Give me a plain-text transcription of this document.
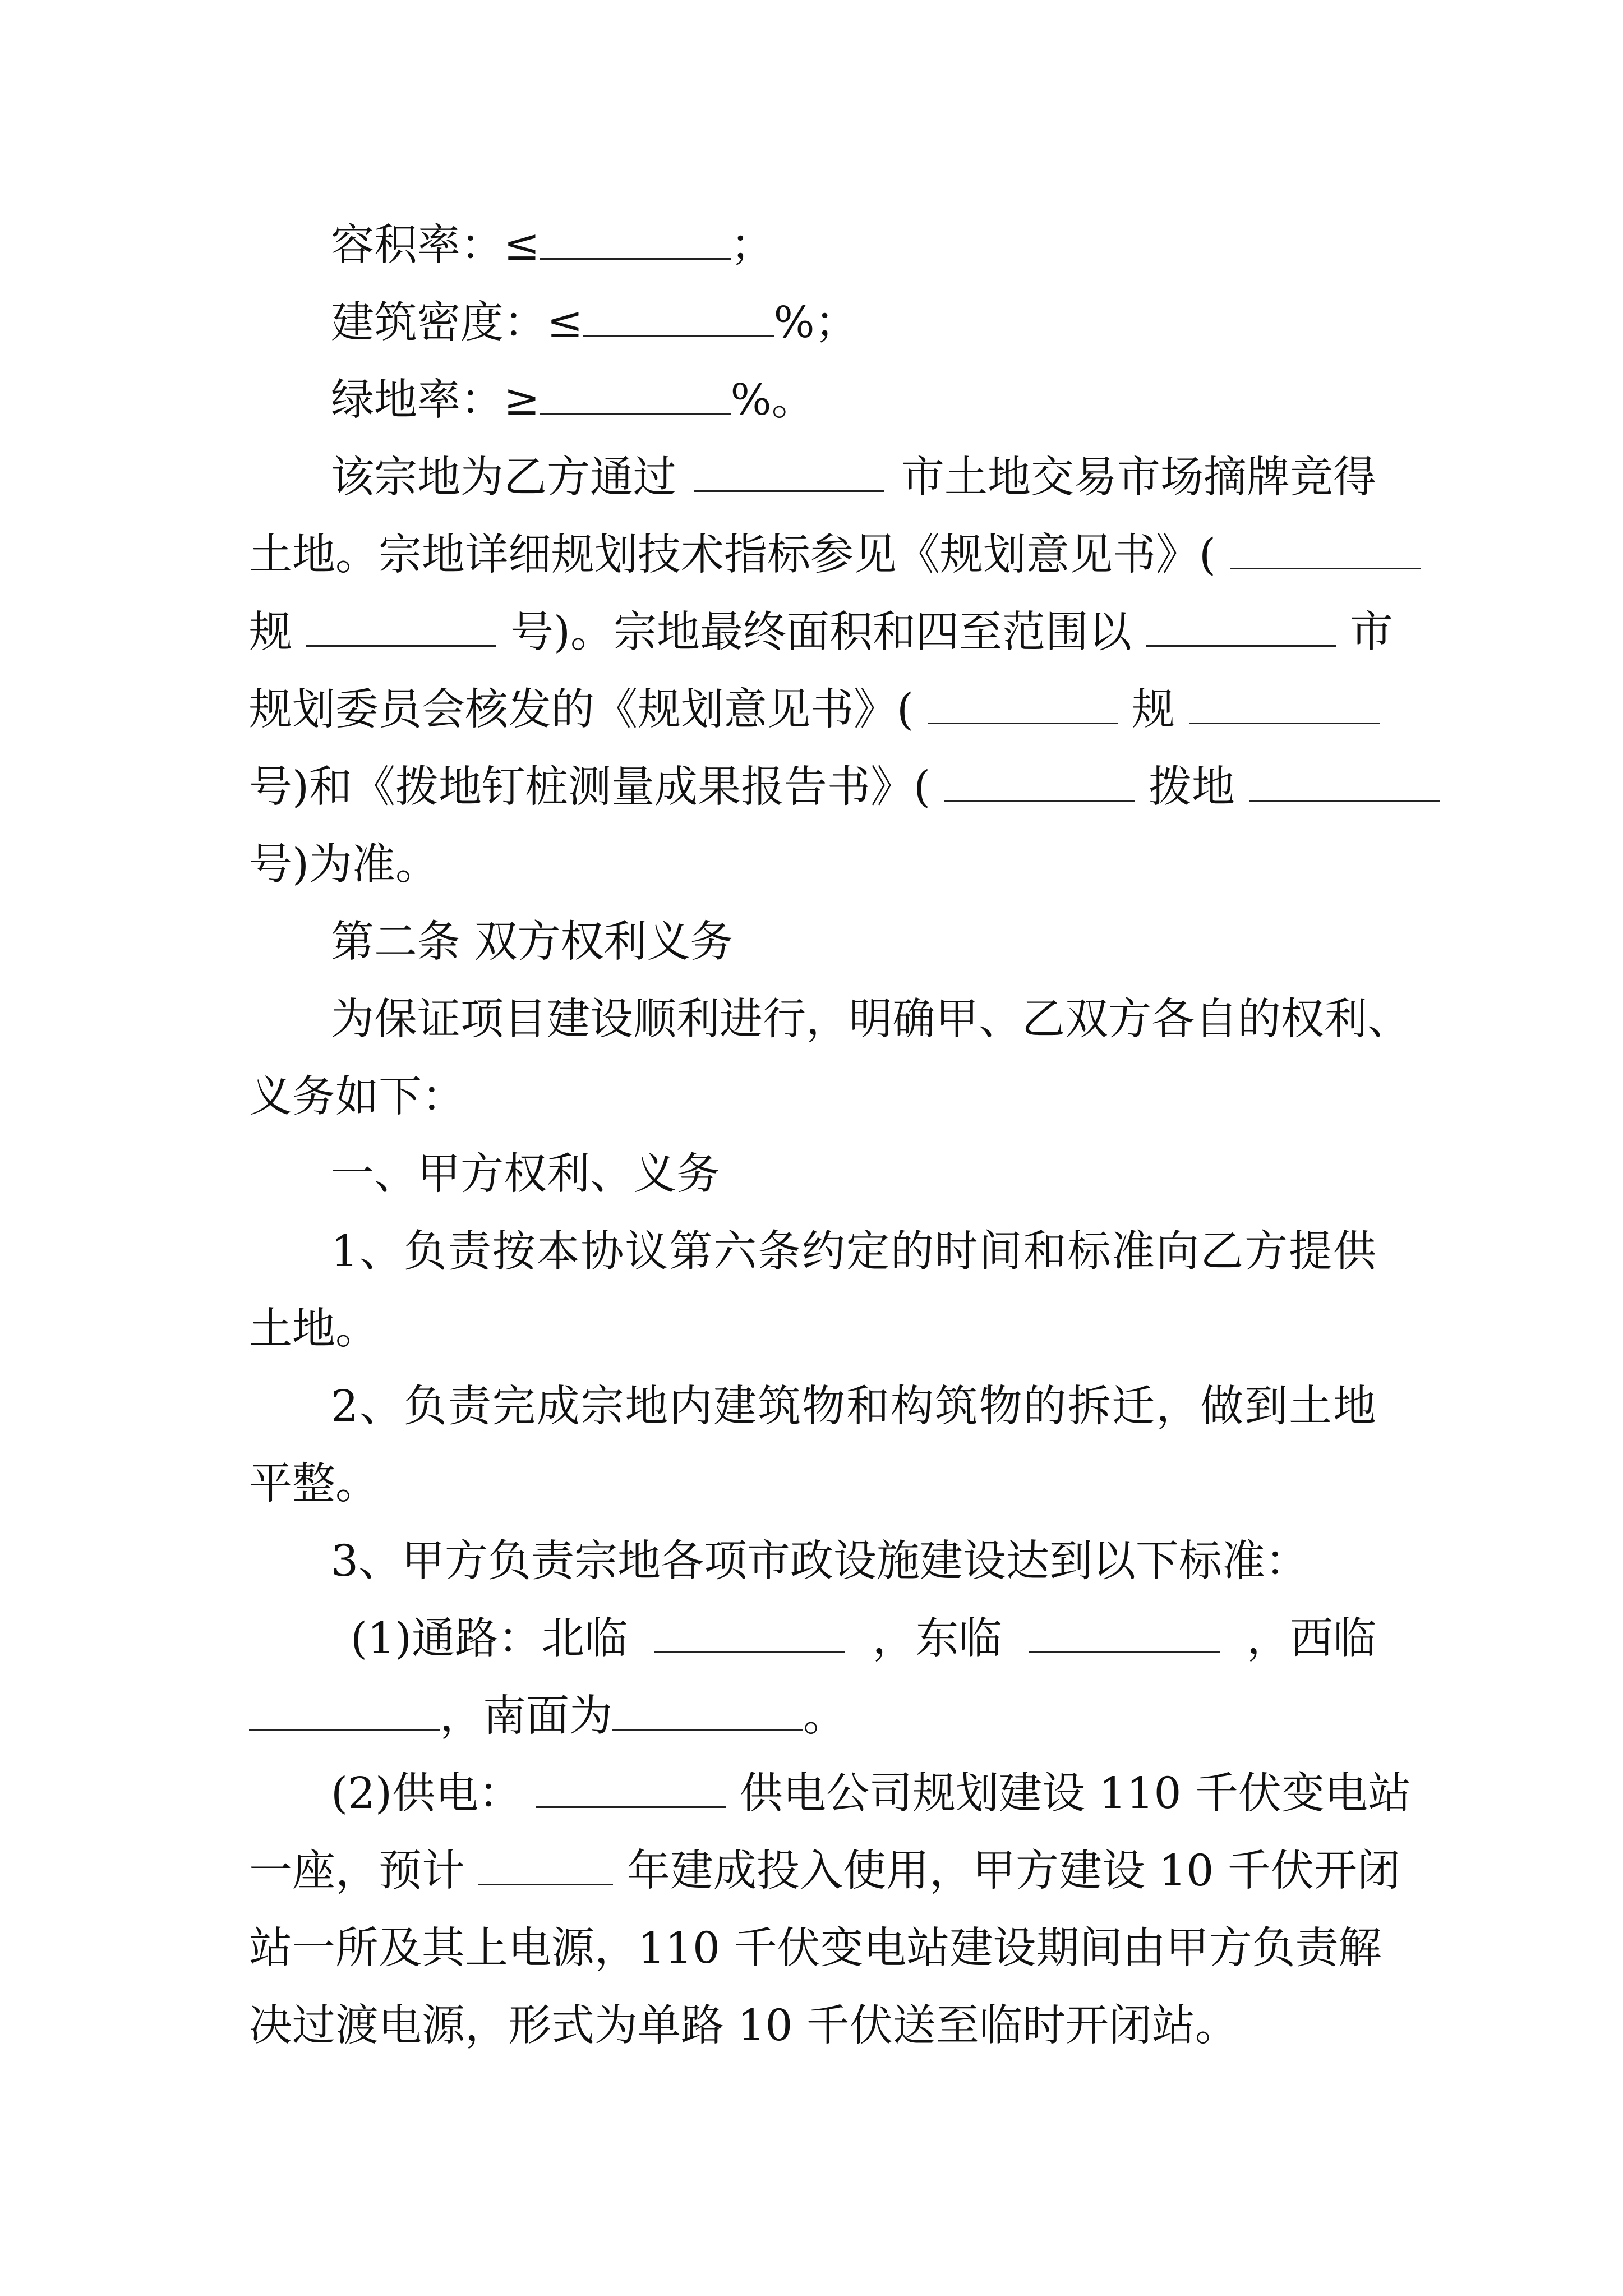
容积率：≤	；

建筑密度：≤	%；

绿地率：≥	%。

该宗地为乙方通过	市土地交易市场摘牌竞得

土地。宗地详细规划技术指标参见《规划意见书》(

规	号)。宗地最终面积和四至范围以	市

规划委员会核发的《规划意见书》(	规

号)和《拨地钉桩测量成果报告书》(	拨地

号)为准。

第二条 双方权利义务

为保证项目建设顺利进行，明确甲、乙双方各自的权利、

义务如下：

一、甲方权利、义务

1、负责按本协议第六条约定的时间和标准向乙方提供

土地。

2、负责完成宗地内建筑物和构筑物的拆迁，做到土地

平整。

3、甲方负责宗地各项市政设施建设达到以下标准：

(1)通路：北临	，东临	，西临

，南面为	。

(2)供电：	供电公司规划建设 110 千伏变电站

一座，预计	年建成投入使用，甲方建设 10 千伏开闭

站一所及其上电源，110 千伏变电站建设期间由甲方负责解

决过渡电源，形式为单路 10 千伏送至临时开闭站。
